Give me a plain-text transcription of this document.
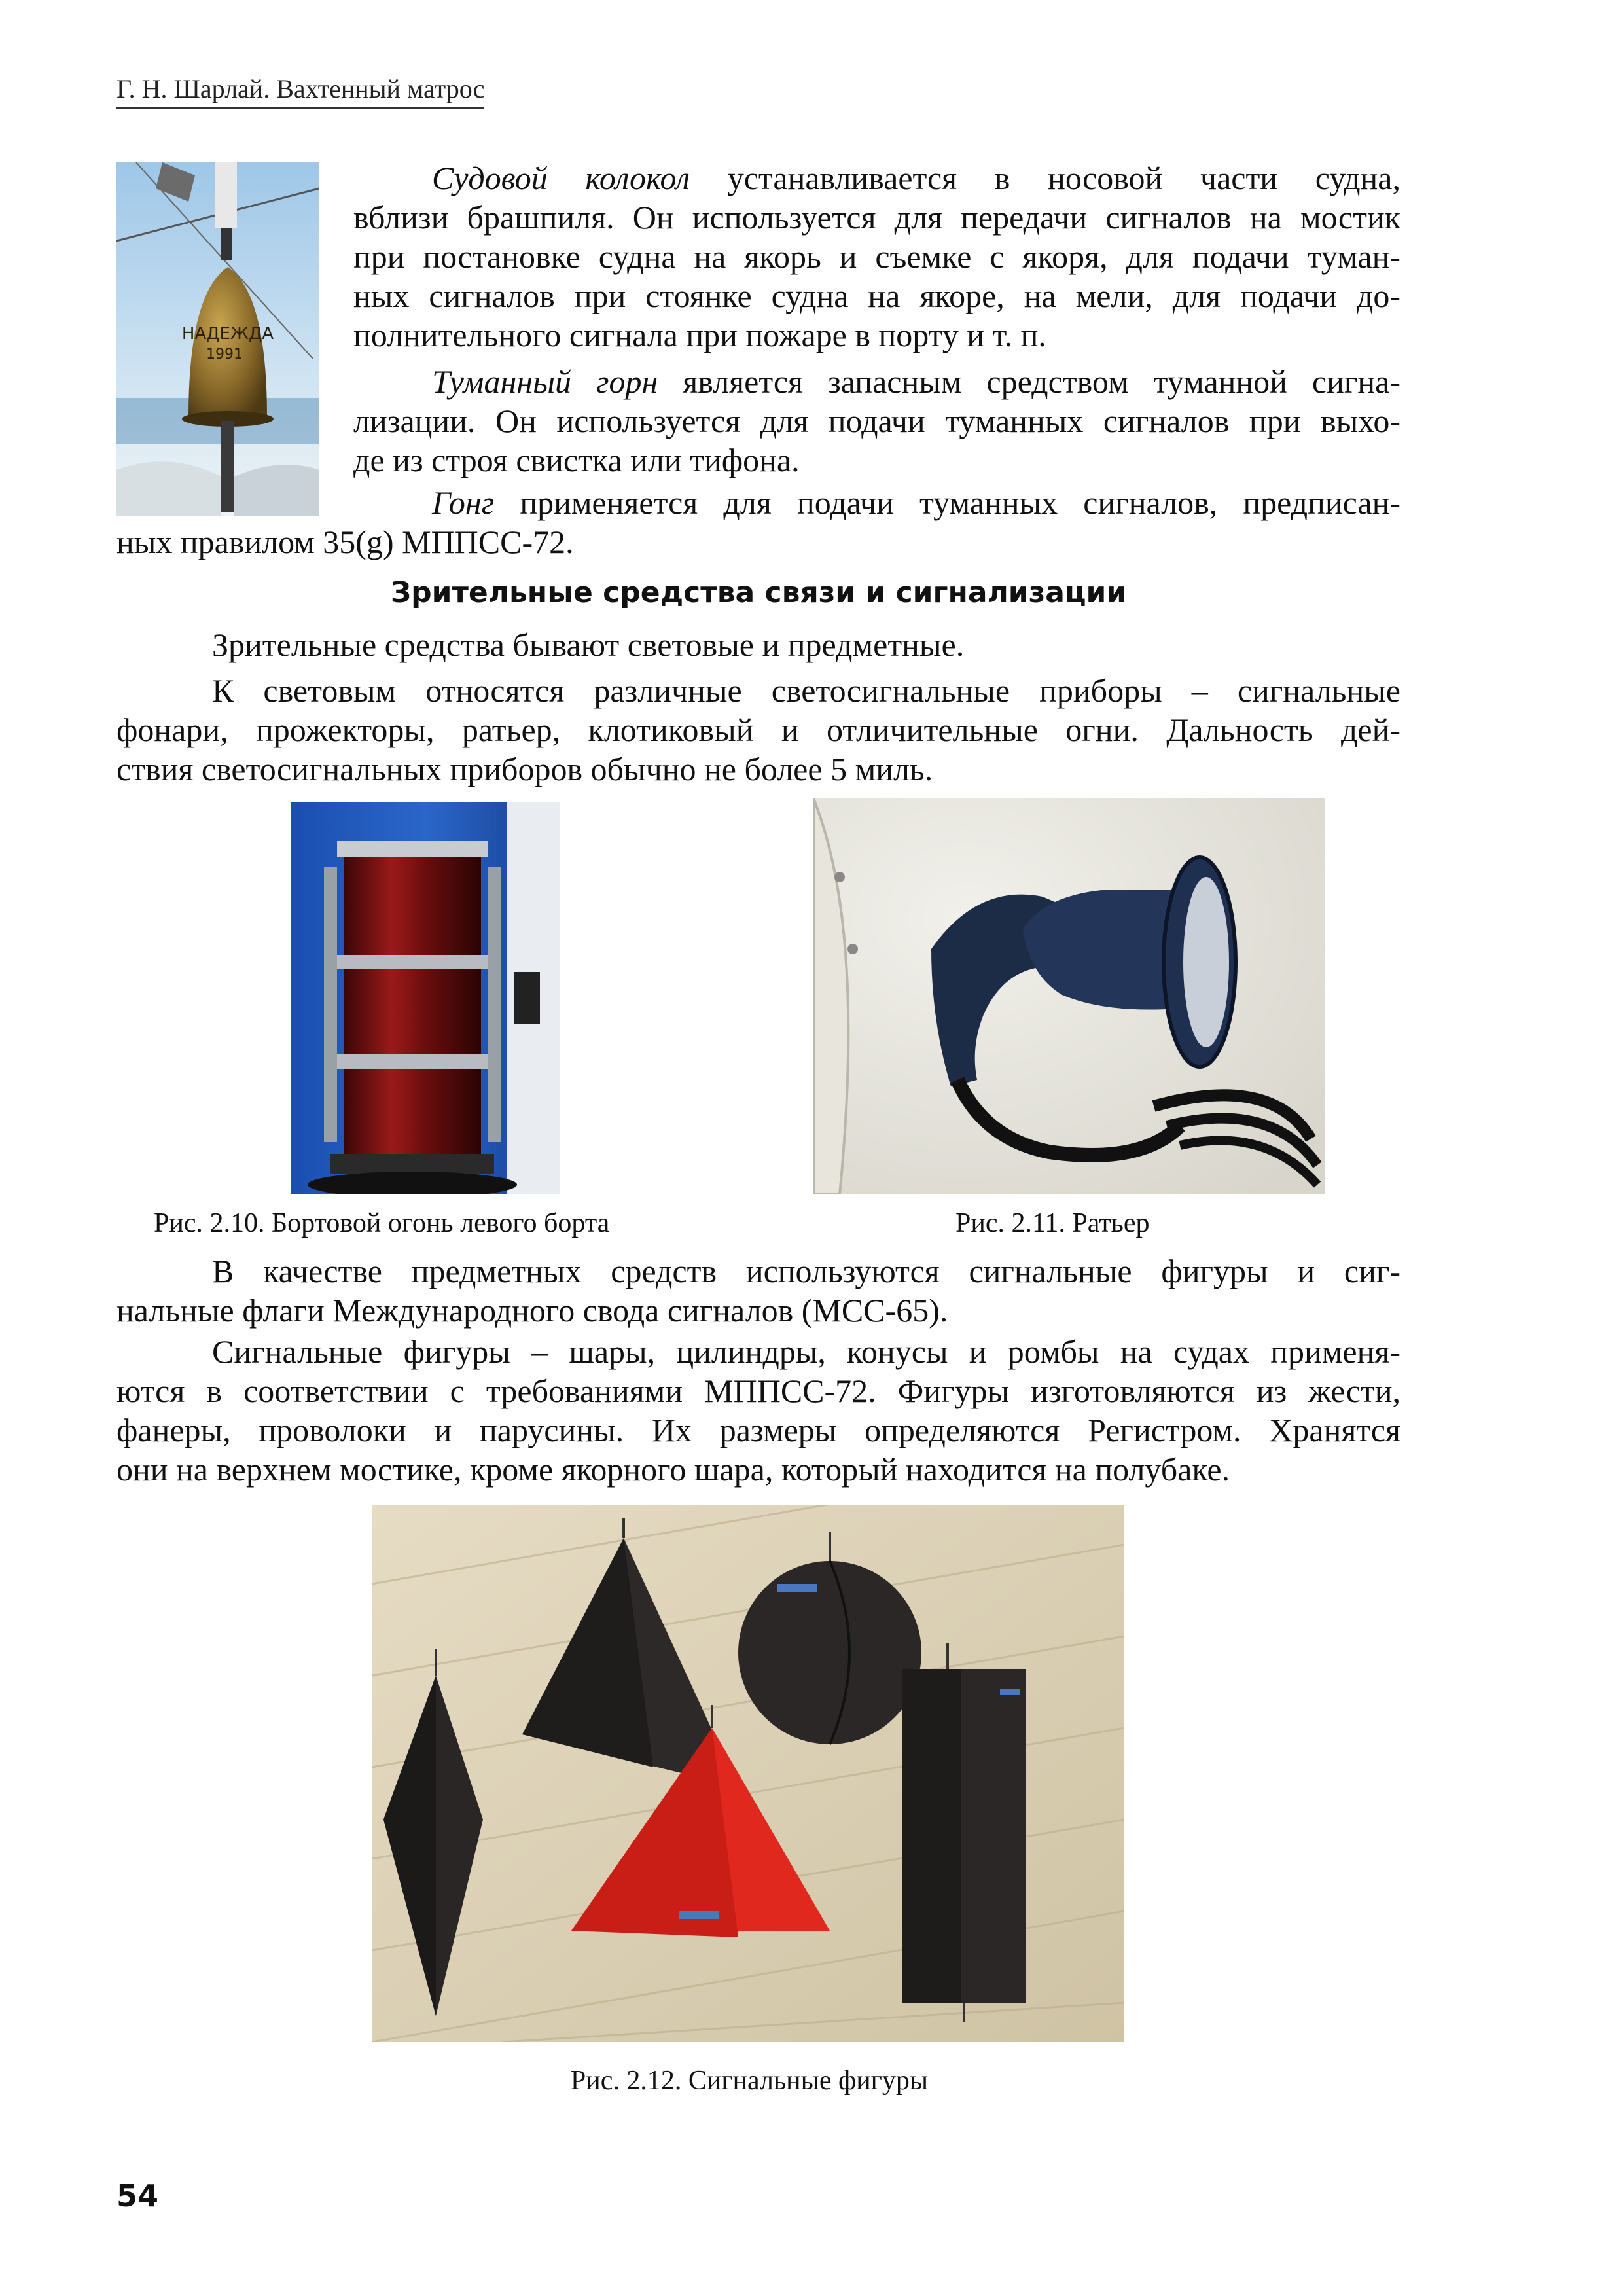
Г. Н. Шарлай. Вахтенный матрос
НАДЕЖДА
1991
Судовой колокол устанавливается в носовой части судна,
вблизи брашпиля. Он используется для передачи сигналов на мостик
при постановке судна на якорь и съемке с якоря, для подачи туман-
ных сигналов при стоянке судна на якоре, на мели, для подачи до-
полнительного сигнала при пожаре в порту и т. п.
Туманный горн является запасным средством туманной сигна-
лизации. Он используется для подачи туманных сигналов при выхо-
де из строя свистка или тифона.
Гонг применяется для подачи туманных сигналов, предписан-
ных правилом 35(g) МППСС-72.
Зрительные средства связи и сигнализации
Зрительные средства бывают световые и предметные.
К световым относятся различные светосигнальные приборы – сигнальные
фонари, прожекторы, ратьер, клотиковый и отличительные огни. Дальность дей-
ствия светосигнальных приборов обычно не более 5 миль.
Рис. 2.10. Бортовой огонь левого борта	Рис. 2.11. Ратьер
В качестве предметных средств используются сигнальные фигуры и сиг-
нальные флаги Международного свода сигналов (МСС-65).
Сигнальные фигуры – шары, цилиндры, конусы и ромбы на судах применя-
ются в соответствии с требованиями МППСС-72. Фигуры изготовляются из жести,
фанеры, проволоки и парусины. Их размеры определяются Регистром. Хранятся
они на верхнем мостике, кроме якорного шара, который находится на полубаке.
Рис. 2.12. Сигнальные фигуры
54
